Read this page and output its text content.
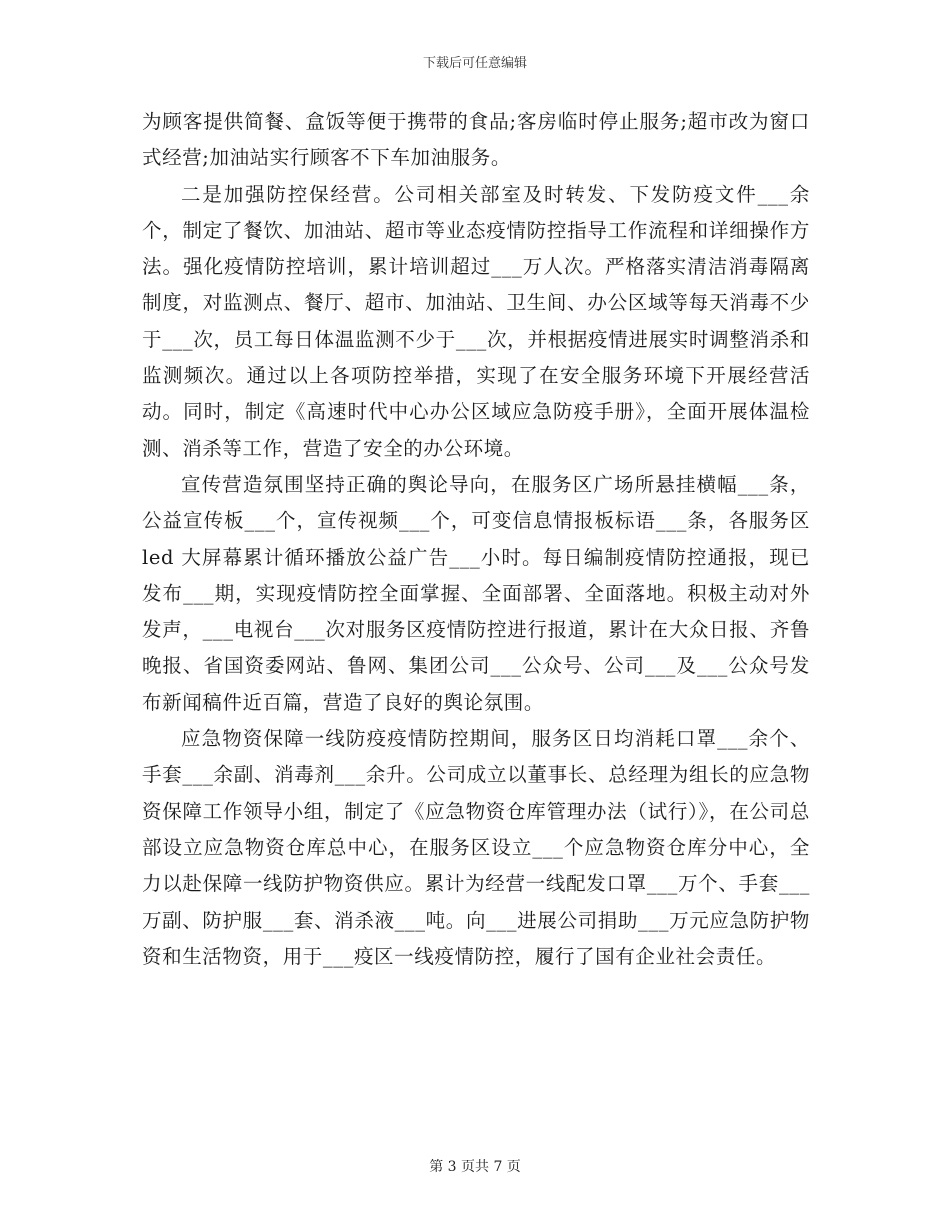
下载后可任意编辑

为顾客提供简餐、盒饭等便于携带的食品;客房临时停止服务;超市改为窗口式经营;加油站实行顾客不下车加油服务。

二是加强防控保经营。公司相关部室及时转发、下发防疫文件___余个，制定了餐饮、加油站、超市等业态疫情防控指导工作流程和详细操作方法。强化疫情防控培训，累计培训超过___万人次。严格落实清洁消毒隔离制度，对监测点、餐厅、超市、加油站、卫生间、办公区域等每天消毒不少于___次，员工每日体温监测不少于___次，并根据疫情进展实时调整消杀和监测频次。通过以上各项防控举措，实现了在安全服务环境下开展经营活动。同时，制定《高速时代中心办公区域应急防疫手册》，全面开展体温检测、消杀等工作，营造了安全的办公环境。

宣传营造氛围坚持正确的舆论导向，在服务区广场所悬挂横幅___条，公益宣传板___个，宣传视频___个，可变信息情报板标语___条，各服务区 led 大屏幕累计循环播放公益广告___小时。每日编制疫情防控通报，现已发布___期，实现疫情防控全面掌握、全面部署、全面落地。积极主动对外发声，___电视台___次对服务区疫情防控进行报道，累计在大众日报、齐鲁晚报、省国资委网站、鲁网、集团公司___公众号、公司___及___公众号发布新闻稿件近百篇，营造了良好的舆论氛围。

应急物资保障一线防疫疫情防控期间，服务区日均消耗口罩___余个、手套___余副、消毒剂___余升。公司成立以董事长、总经理为组长的应急物资保障工作领导小组，制定了《应急物资仓库管理办法（试行）》，在公司总部设立应急物资仓库总中心，在服务区设立___个应急物资仓库分中心，全力以赴保障一线防护物资供应。累计为经营一线配发口罩___万个、手套___万副、防护服___套、消杀液___吨。向___进展公司捐助___万元应急防护物资和生活物资，用于___疫区一线疫情防控，履行了国有企业社会责任。

第 3 页共 7 页
